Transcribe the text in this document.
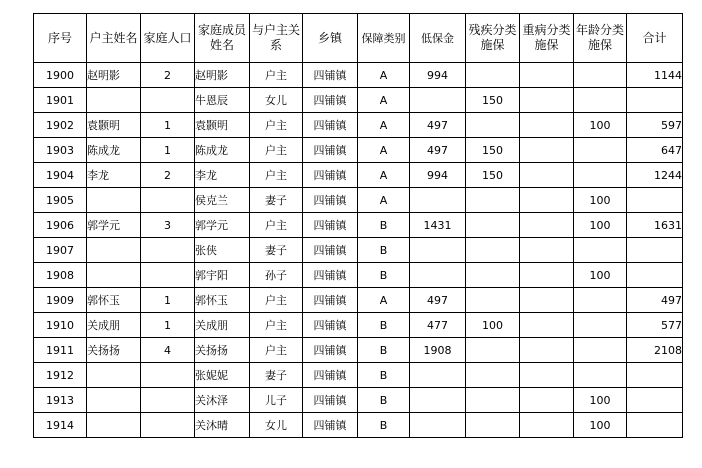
序号	户主姓名	家庭人口	家庭成员姓名	与户主关系	乡镇	保障类别	低保金	残疾分类施保	重病分类施保	年龄分类施保	合计
1900	赵明影	2	赵明影	户主	四铺镇	A	994				1144
1901			牛恩辰	女儿	四铺镇	A		150			
1902	袁颢明	1	袁颢明	户主	四铺镇	A	497			100	597
1903	陈成龙	1	陈成龙	户主	四铺镇	A	497	150			647
1904	李龙	2	李龙	户主	四铺镇	A	994	150			1244
1905			侯克兰	妻子	四铺镇	A				100	
1906	郭学元	3	郭学元	户主	四铺镇	B	1431			100	1631
1907			张侠	妻子	四铺镇	B					
1908			郭宇阳	孙子	四铺镇	B				100	
1909	郭怀玉	1	郭怀玉	户主	四铺镇	A	497				497
1910	关成朋	1	关成朋	户主	四铺镇	B	477	100			577
1911	关扬扬	4	关扬扬	户主	四铺镇	B	1908				2108
1912			张妮妮	妻子	四铺镇	B					
1913			关沐泽	儿子	四铺镇	B				100	
1914			关沐晴	女儿	四铺镇	B				100	
